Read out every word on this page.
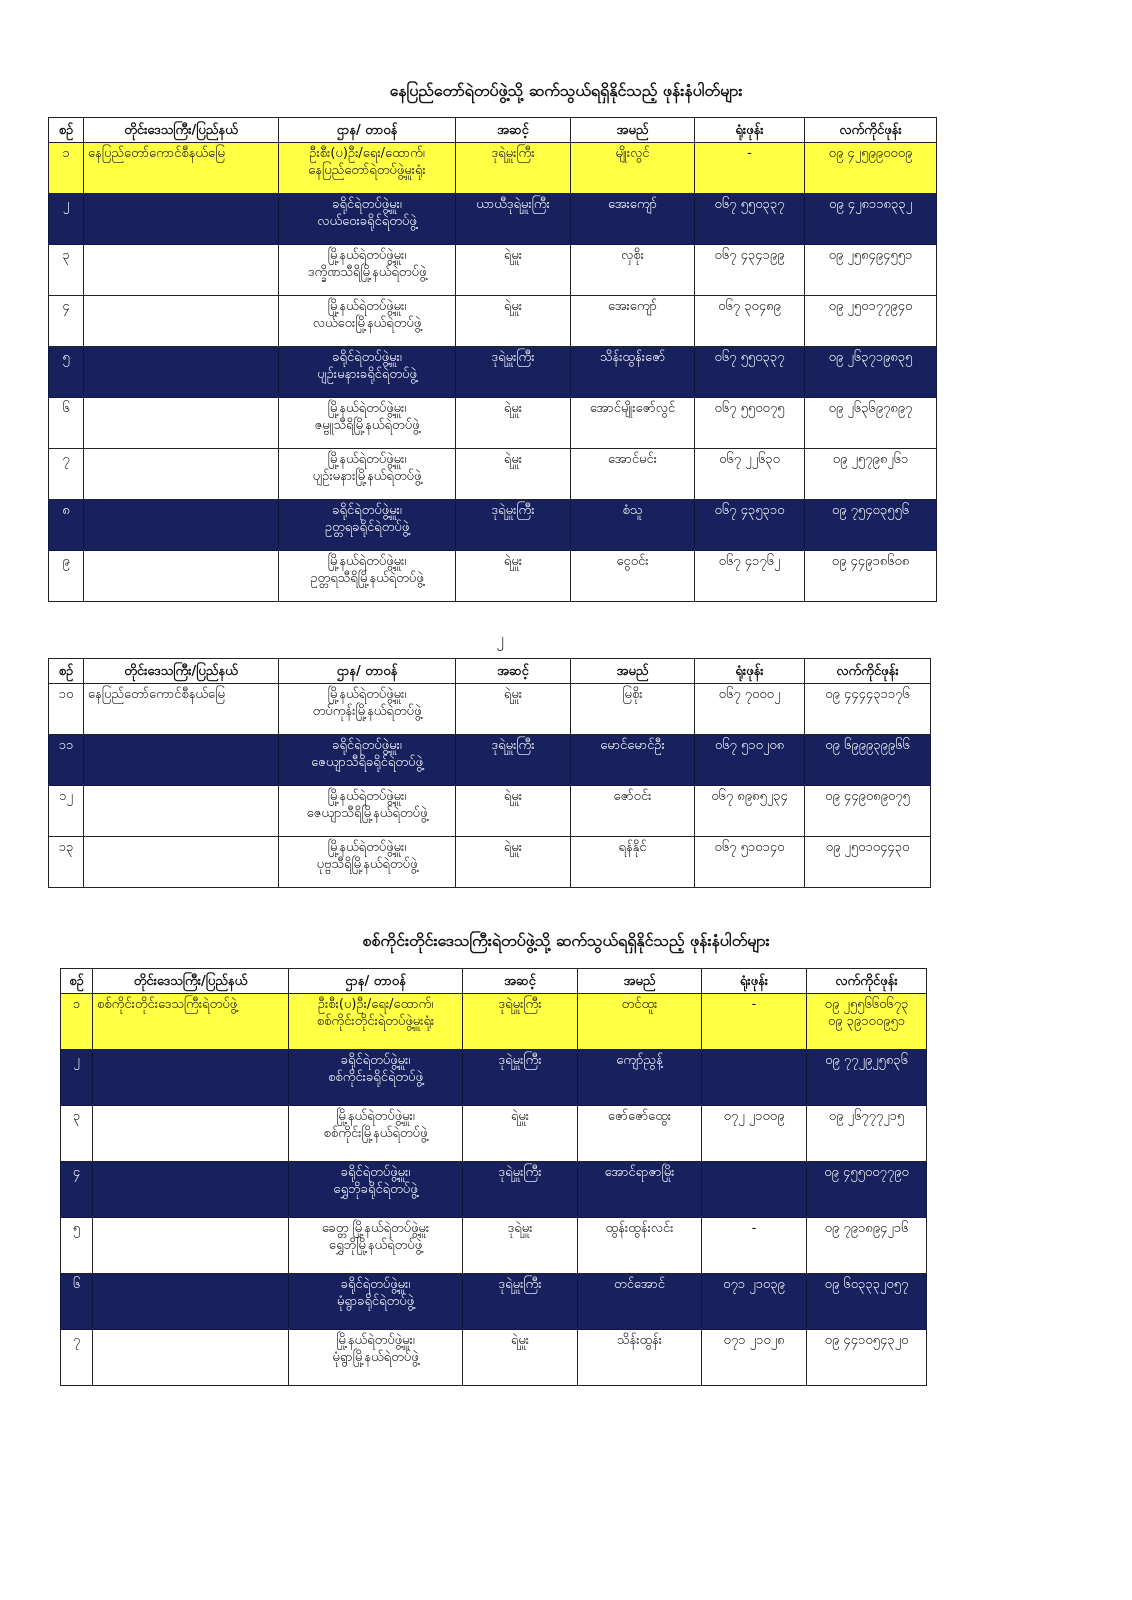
နေပြည်တော်ရဲတပ်ဖွဲ့သို့ ဆက်သွယ်ရရှိနိုင်သည့် ဖုန်းနံပါတ်များ
စဉ်	တိုင်းဒေသကြီး/ပြည်နယ်	ဌာန/ တာဝန်	အဆင့်	အမည်	ရုံးဖုန်း	လက်ကိုင်ဖုန်း

၁	နေပြည်တော်ကောင်စီနယ်မြေ	ဦးစီး(ပ)ဦး/ရေး/ထောက်၊
နေပြည်တော်ရဲတပ်ဖွဲ့မှူးရုံး	ဒုရဲမှူးကြီး	မျိုးလွင်	-	၀၉ ၄၂၅၉၉၀၀၀၉

၂		ခရိုင်ရဲတပ်ဖွဲ့မှူး၊
လယ်ဝေးခရိုင်ရဲတပ်ဖွဲ့	ယာယီဒုရဲမှူးကြီး	အေးကျော်	၀၆၇ ၅၅၀၃၃၇	၀၉ ၄၂၈၁၁၈၃၃၂

၃		မြို့နယ်ရဲတပ်ဖွဲ့မှူး၊
ဒက္ခိဏသီရိမြို့နယ်ရဲတပ်ဖွဲ့	ရဲမှူး	လှစိုး	၀၆၇ ၄၃၄၁၉၉	၀၉ ၂၅၈၄၉၄၅၅၁

၄		မြို့နယ်ရဲတပ်ဖွဲ့မှူး၊
လယ်ဝေးမြို့နယ်ရဲတပ်ဖွဲ့	ရဲမှူး	အေးကျော်	၀၆၇ ၃၀၄၈၉	၀၉ ၂၅၀၁၇၇၉၄၀

၅		ခရိုင်ရဲတပ်ဖွဲ့မှူး၊
ပျဉ်းမနားခရိုင်ရဲတပ်ဖွဲ့	ဒုရဲမှူးကြီး	သိန်းထွန်းဇော်	၀၆၇ ၅၅၀၃၃၇	၀၉ ၂၆၃၇၁၉၈၃၅

၆		မြို့နယ်ရဲတပ်ဖွဲ့မှူး၊
ဇမ္ဗူသီရိမြို့နယ်ရဲတပ်ဖွဲ့	ရဲမှူး	အောင်မျိုးဇော်လွင်	၀၆၇ ၅၅၀၀၇၅	၀၉ ၂၆၃၆၉၇၈၉၇

၇		မြို့နယ်ရဲတပ်ဖွဲ့မှူး၊
ပျဉ်းမနားမြို့နယ်ရဲတပ်ဖွဲ့	ရဲမှူး	အောင်မင်း	၀၆၇ ၂၂၆၃၀	၀၉ ၂၅၇၉၈၂၆၁

၈		ခရိုင်ရဲတပ်ဖွဲ့မှူး၊
ဥတ္တရခရိုင်ရဲတပ်ဖွဲ့	ဒုရဲမှူးကြီး	စံသူ	၀၆၇ ၄၃၅၃၁၀	၀၉ ၇၅၄၀၃၅၅၆

၉		မြို့နယ်ရဲတပ်ဖွဲ့မှူး၊
ဥတ္တရသီရိမြို့နယ်ရဲတပ်ဖွဲ့	ရဲမှူး	ငွေဝင်း	၀၆၇ ၄၁၇၆၂	၀၉ ၄၄၉၁၈၆၀၈
၂
စဉ်	တိုင်းဒေသကြီး/ပြည်နယ်	ဌာန/ တာဝန်	အဆင့်	အမည်	ရုံးဖုန်း	လက်ကိုင်ဖုန်း

၁၀	နေပြည်တော်ကောင်စီနယ်မြေ	မြို့နယ်ရဲတပ်ဖွဲ့မှူး၊
တပ်ကုန်းမြို့နယ်ရဲတပ်ဖွဲ့	ရဲမှူး	မြစိုး	၀၆၇ ၇၀၀၀၂	၀၉ ၄၄၄၄၃၁၁၇၆

၁၁		ခရိုင်ရဲတပ်ဖွဲ့မှူး၊
ဇေယျာသီရိခရိုင်ရဲတပ်ဖွဲ့	ဒုရဲမှူးကြီး	မောင်မောင်ဦး	၀၆၇ ၅၁၀၂၀၈	၀၉ ၆၉၉၉၃၉၉၆၆

၁၂		မြို့နယ်ရဲတပ်ဖွဲ့မှူး၊
ဇေယျာသီရိမြို့နယ်ရဲတပ်ဖွဲ့	ရဲမှူး	ဇော်ဝင်း	၀၆၇ ၈၉၈၅၂၃၄	၀၉ ၄၄၉၀၈၉၀၇၅

၁၃		မြို့နယ်ရဲတပ်ဖွဲ့မှူး၊
ပုဗ္ဗသီရိမြို့နယ်ရဲတပ်ဖွဲ့	ရဲမှူး	ရန်နိုင်	၀၆၇ ၅၁၀၁၄၀	၀၉ ၂၅၀၁၀၄၄၃၀
စစ်ကိုင်းတိုင်းဒေသကြီးရဲတပ်ဖွဲ့သို့ ဆက်သွယ်ရရှိနိုင်သည့် ဖုန်းနံပါတ်များ
စဉ်	တိုင်းဒေသကြီး/ပြည်နယ်	ဌာန/ တာဝန်	အဆင့်	အမည်	ရုံးဖုန်း	လက်ကိုင်ဖုန်း

၁	စစ်ကိုင်းတိုင်းဒေသကြီးရဲတပ်ဖွဲ့	ဦးစီး(ပ)ဦး/ရေး/ထောက်၊
စစ်ကိုင်းတိုင်းရဲတပ်ဖွဲ့မှူးရုံး	ဒုရဲမှူးကြီး	တင်ထူး	-	၀၉ ၂၅၅၆၆၀၆၇၃
၀၉ ၃၉၁၀၀၉၅၁

၂		ခရိုင်ရဲတပ်ဖွဲ့မှူး၊
စစ်ကိုင်းခရိုင်ရဲတပ်ဖွဲ့	ဒုရဲမှူးကြီး	ကျော်ညွန့်		၀၉ ၇၇၂၉၂၅၈၃၆

၃		မြို့နယ်ရဲတပ်ဖွဲ့မှူး၊
စစ်ကိုင်းမြို့နယ်ရဲတပ်ဖွဲ့	ရဲမှူး	ဇော်ဇော်ထွေး	၀၇၂ ၂၁၀၀၉	၀၉ ၂၆၇၇၇၂၁၅

၄		ခရိုင်ရဲတပ်ဖွဲ့မှူး၊
ရွှေဘိုခရိုင်ရဲတပ်ဖွဲ့	ဒုရဲမှူးကြီး	အောင်ရာဇာမြိုး		၀၉ ၄၅၅၀၀၇၇၉၀

၅		ခေတ္တ မြို့နယ်ရဲတပ်ဖွဲ့မှူး
ရွှေဘိုမြို့နယ်ရဲတပ်ဖွဲ့	ဒုရဲမှူး	ထွန်းထွန်းလင်း	-	၀၉ ၇၉၁၈၉၄၂၁၆

၆		ခရိုင်ရဲတပ်ဖွဲ့မှူး၊
မုံရွာခရိုင်ရဲတပ်ဖွဲ့	ဒုရဲမှူးကြီး	တင်အောင်	၀၇၁ ၂၁၀၃၉	၀၉ ၆၀၃၃၃၂၀၅၇

၇		မြို့နယ်ရဲတပ်ဖွဲ့မှူး၊
မုံရွာမြို့နယ်ရဲတပ်ဖွဲ့	ရဲမှူး	သိန်းထွန်း	၀၇၁ ၂၁၀၂၈	၀၉ ၄၄၁၀၅၄၃၂၀
